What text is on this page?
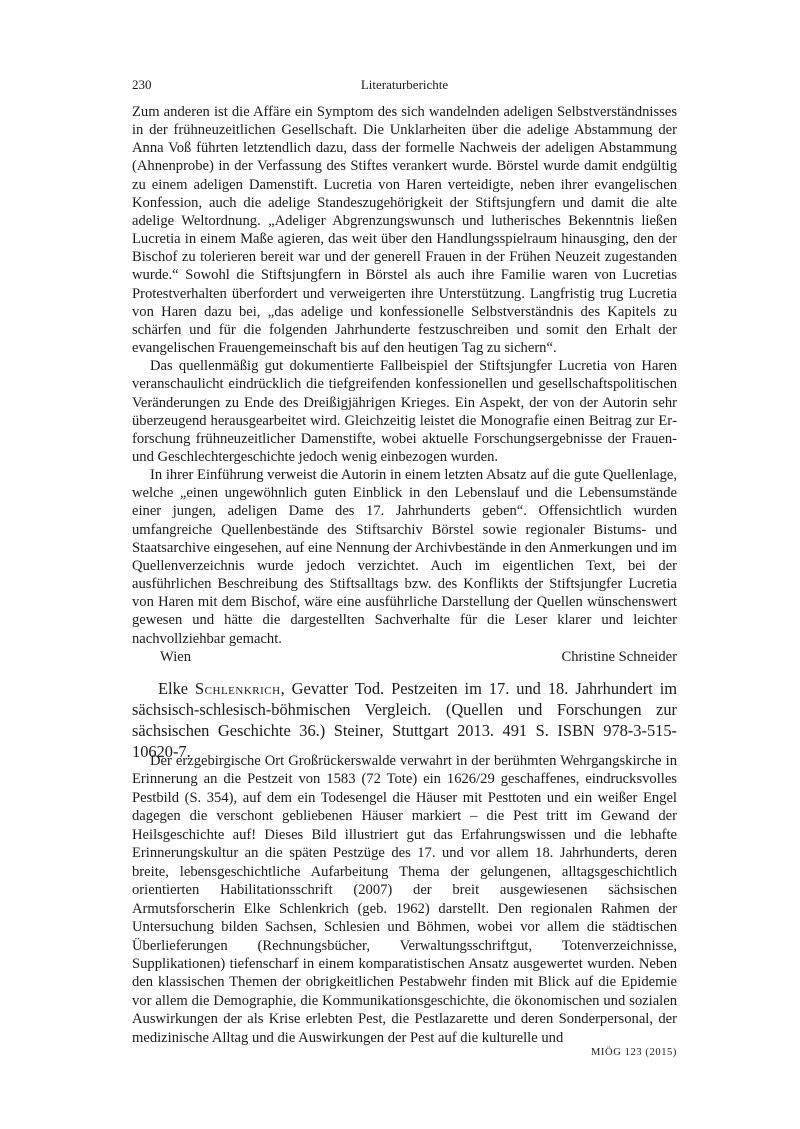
230	Literaturberichte

Zum anderen ist die Affäre ein Symptom des sich wandelnden adeligen Selbstverständnisses in der frühneuzeitlichen Gesellschaft. Die Unklarheiten über die adelige Abstammung der Anna Voß führten letztendlich dazu, dass der formelle Nachweis der adeligen Abstammung (Ahnenprobe) in der Verfassung des Stiftes verankert wurde. Börstel wurde damit endgültig zu einem adeligen Damenstift. Lucretia von Haren verteidigte, neben ihrer evangelischen Konfession, auch die adelige Standeszugehörigkeit der Stiftsjungfern und damit die alte adelige Weltordnung. „Adeliger Abgrenzungswunsch und lutherisches Bekenntnis ließen Lucretia in einem Maße agieren, das weit über den Handlungsspielraum hinausging, den der Bischof zu tolerieren bereit war und der generell Frauen in der Frühen Neuzeit zugestanden wurde.“ Sowohl die Stiftsjungfern in Börstel als auch ihre Familie waren von Lucretias Protestverhalten überfordert und verweigerten ihre Unterstützung. Langfristig trug Lucretia von Haren dazu bei, „das adelige und konfessionelle Selbstverständnis des Kapitels zu schärfen und für die folgenden Jahrhunderte festzuschreiben und somit den Erhalt der evangelischen Frauengemeinschaft bis auf den heutigen Tag zu sichern“.

Das quellenmäßig gut dokumentierte Fallbeispiel der Stiftsjungfer Lucretia von Haren veranschaulicht eindrücklich die tiefgreifenden konfessionellen und gesellschaftspolitischen Veränderungen zu Ende des Dreißigjährigen Krieges. Ein Aspekt, der von der Autorin sehr überzeugend herausgearbeitet wird. Gleichzeitig leistet die Monografie einen Beitrag zur Erforschung frühneuzeitlicher Damenstifte, wobei aktuelle Forschungsergebnisse der Frauen- und Geschlechtergeschichte jedoch wenig einbezogen wurden.

In ihrer Einführung verweist die Autorin in einem letzten Absatz auf die gute Quellenlage, welche „einen ungewöhnlich guten Einblick in den Lebenslauf und die Lebensumstände einer jungen, adeligen Dame des 17. Jahrhunderts geben“. Offensichtlich wurden umfangreiche Quellenbestände des Stiftsarchiv Börstel sowie regionaler Bistums- und Staatsarchive eingesehen, auf eine Nennung der Archivbestände in den Anmerkungen und im Quellenverzeichnis wurde jedoch verzichtet. Auch im eigentlichen Text, bei der ausführlichen Beschreibung des Stiftsalltags bzw. des Konflikts der Stiftsjungfer Lucretia von Haren mit dem Bischof, wäre eine ausführliche Darstellung der Quellen wünschenswert gewesen und hätte die dargestellten Sachverhalte für die Leser klarer und leichter nachvollziehbar gemacht.

Wien	Christine Schneider

Elke Schlenkrich, Gevatter Tod. Pestzeiten im 17. und 18. Jahrhundert im sächsisch-schlesisch-böhmischen Vergleich. (Quellen und Forschungen zur sächsischen Geschichte 36.) Steiner, Stuttgart 2013. 491 S. ISBN 978-3-515-10620-7.

Der erzgebirgische Ort Großrückerswalde verwahrt in der berühmten Wehrgangskirche in Erinnerung an die Pestzeit von 1583 (72 Tote) ein 1626/29 geschaffenes, eindrucksvolles Pestbild (S. 354), auf dem ein Todesengel die Häuser mit Pesttoten und ein weißer Engel dagegen die verschont gebliebenen Häuser markiert – die Pest tritt im Gewand der Heilsgeschichte auf! Dieses Bild illustriert gut das Erfahrungswissen und die lebhafte Erinnerungskultur an die späten Pestzüge des 17. und vor allem 18. Jahrhunderts, deren breite, lebensgeschichtliche Aufarbeitung Thema der gelungenen, alltagsgeschichtlich orientierten Habilitationsschrift (2007) der breit ausgewiesenen sächsischen Armutsforscherin Elke Schlenkrich (geb. 1962) darstellt. Den regionalen Rahmen der Untersuchung bilden Sachsen, Schlesien und Böhmen, wobei vor allem die städtischen Überlieferungen (Rechnungsbücher, Verwaltungsschriftgut, Totenverzeichnisse, Supplikationen) tiefenscharf in einem komparatistischen Ansatz ausgewertet wurden. Neben den klassischen Themen der obrigkeitlichen Pestabwehr finden mit Blick auf die Epidemie vor allem die Demographie, die Kommunikationsgeschichte, die ökonomischen und sozialen Auswirkungen der als Krise erlebten Pest, die Pestlazarette und deren Sonderpersonal, der medizinische Alltag und die Auswirkungen der Pest auf die kulturelle und

MIÖG 123 (2015)
